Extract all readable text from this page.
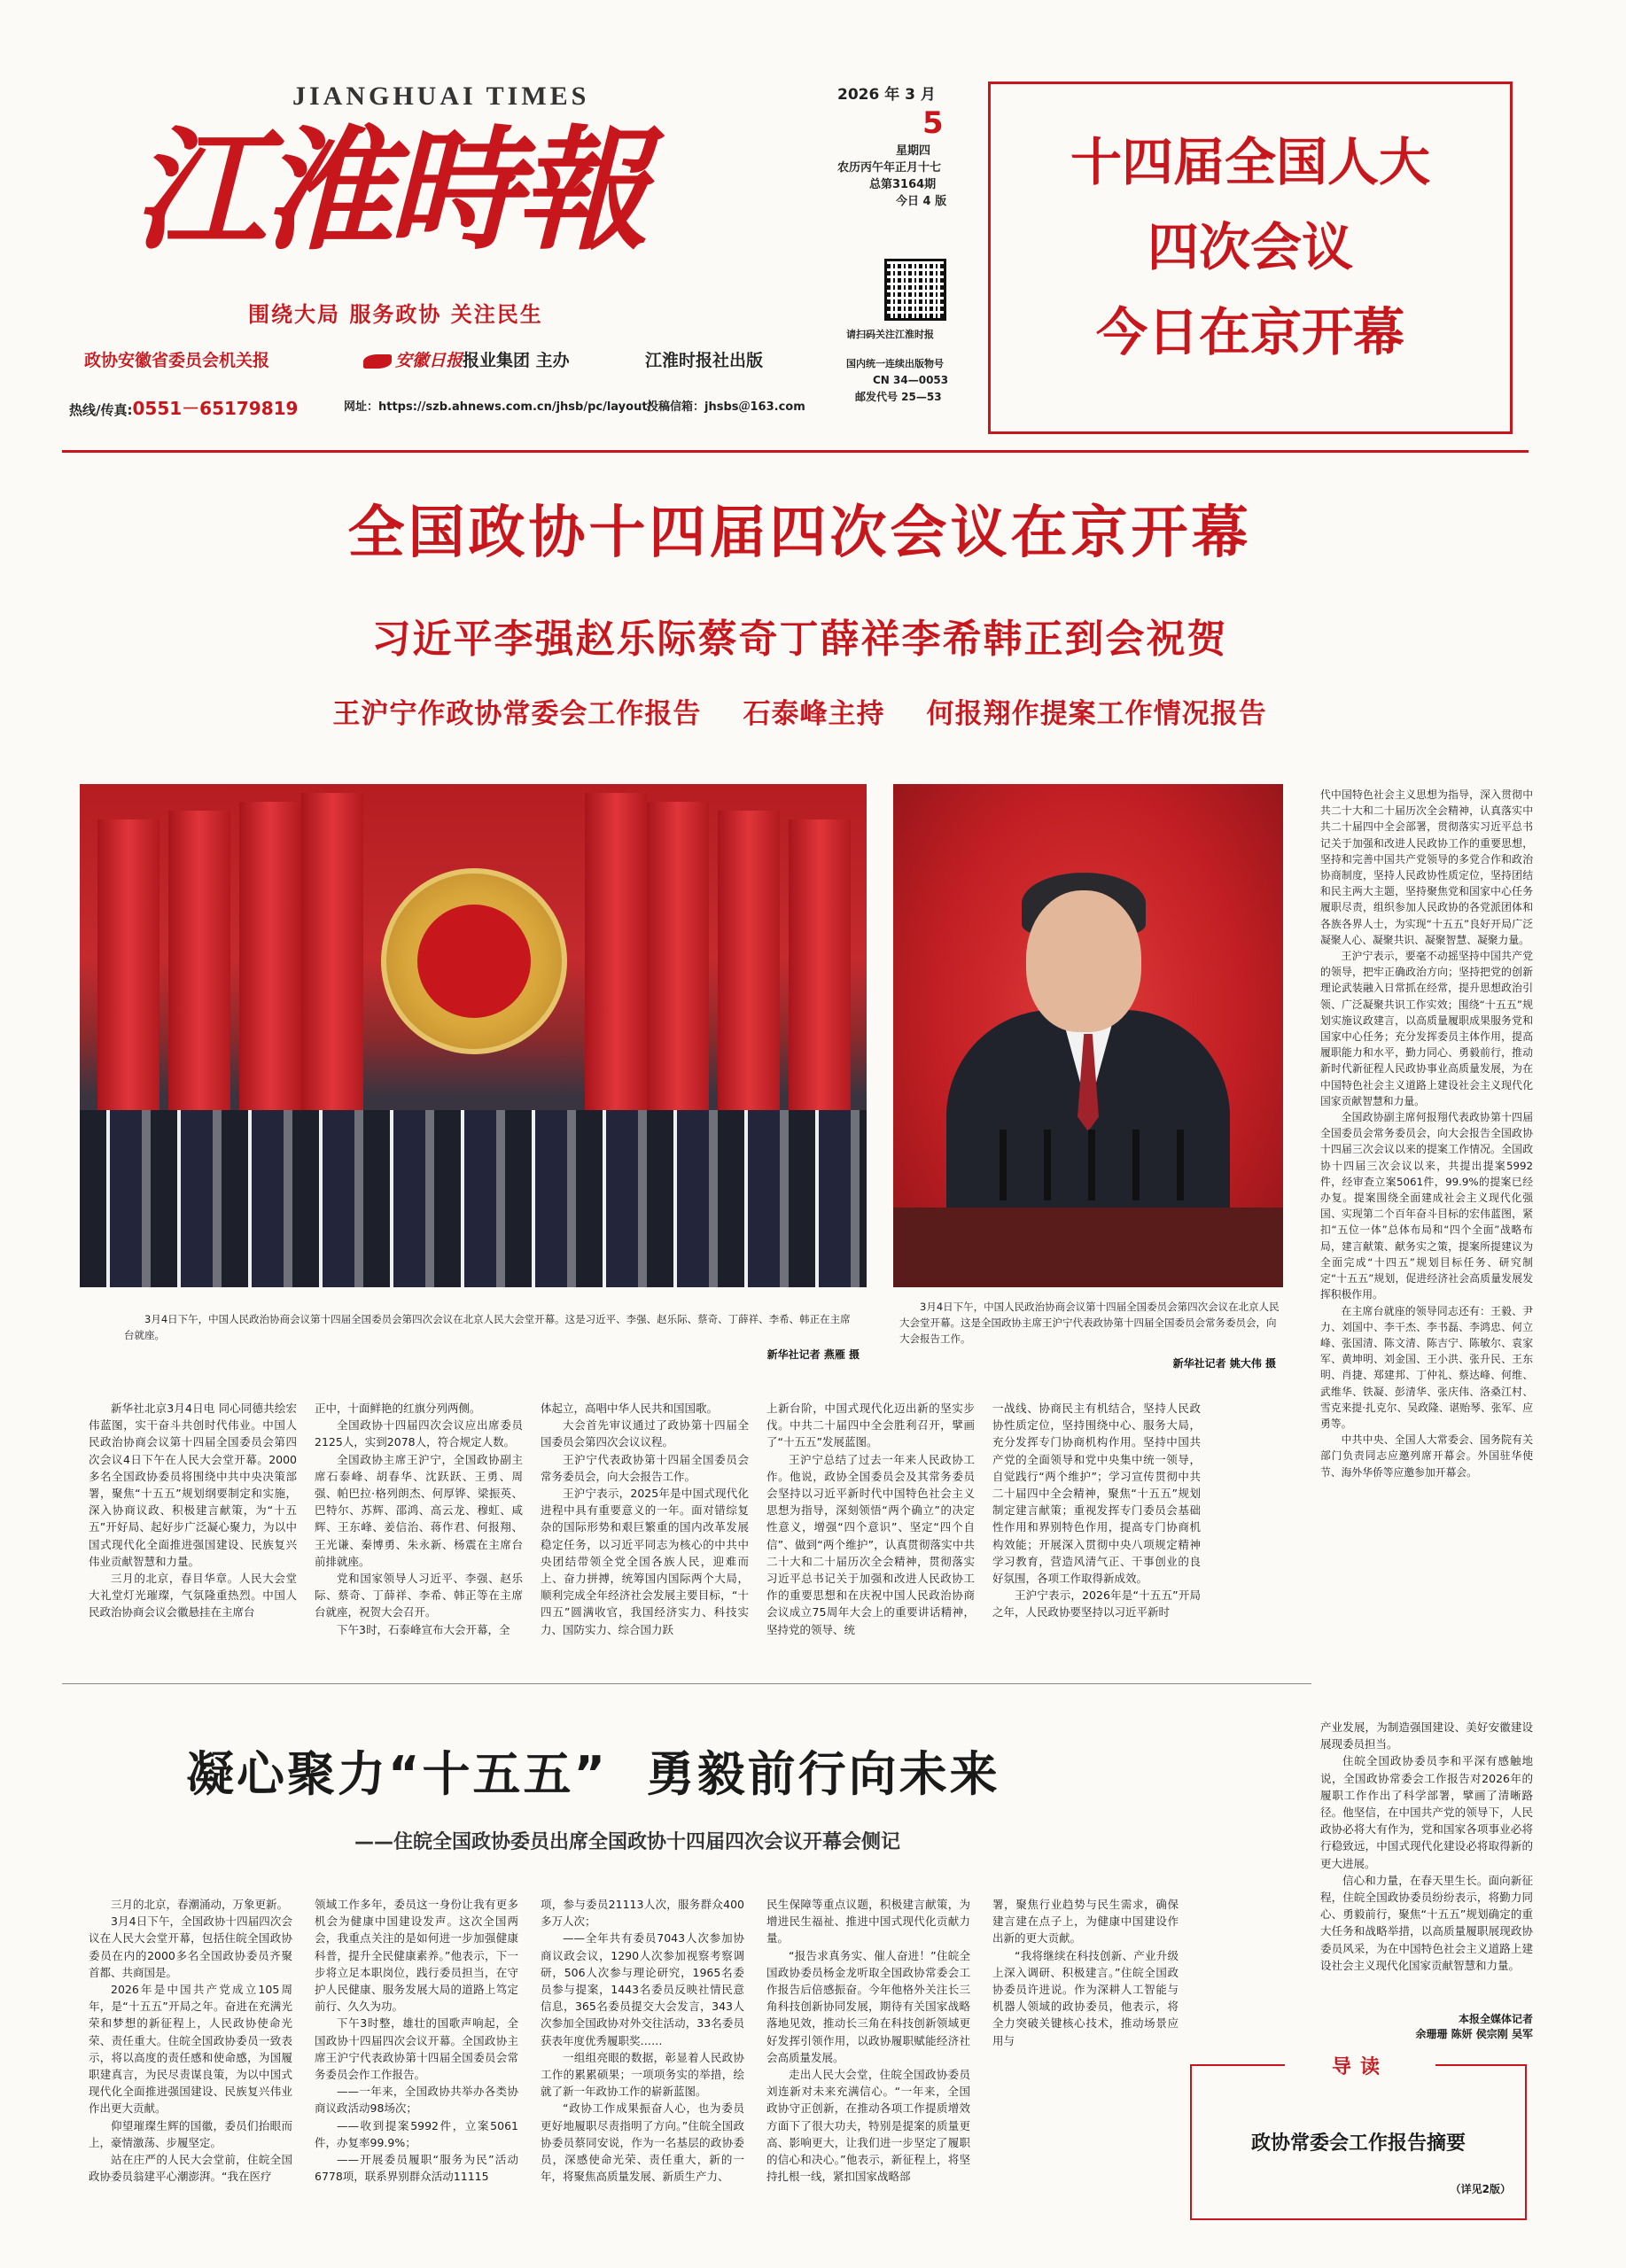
JIANGHUAI TIMES
江淮時報
围绕大局 服务政协 关注民生
政协安徽省委员会机关报	安徽日报报业集团 主办	江淮时报社出版
热线/传真:0551－65179819	网址：https://szb.ahnews.com.cn/jhsb/pc/layout/
投稿信箱：jhsbs＠163.com
2026 年 3 月
5
星期四
农历丙午年正月十七
总第3164期
今日 4 版
请扫码关注江淮时报
国内统一连续出版物号
CN 34—0053
邮发代号 25—53
十四届全国人大
四次会议
今日在京开幕
全国政协十四届四次会议在京开幕
习近平李强赵乐际蔡奇丁薛祥李希韩正到会祝贺
王沪宁作政协常委会工作报告    石泰峰主持    何报翔作提案工作情况报告
3月4日下午，中国人民政治协商会议第十四届全国委员会第四次会议在北京人民大会堂开幕。这是习近平、李强、赵乐际、蔡奇、丁薛祥、李希、韩正在主席台就座。
新华社记者 燕雁 摄
3月4日下午，中国人民政治协商会议第十四届全国委员会第四次会议在北京人民大会堂开幕。这是全国政协主席王沪宁代表政协第十四届全国委员会常务委员会，向大会报告工作。
新华社记者 姚大伟 摄

新华社北京3月4日电 同心同德共绘宏伟蓝图，实干奋斗共创时代伟业。中国人民政治协商会议第十四届全国委员会第四次会议4日下午在人民大会堂开幕。2000多名全国政协委员将围绕中共中央决策部署，聚焦“十五五”规划纲要制定和实施，深入协商议政、积极建言献策，为“十五五”开好局、起好步广泛凝心聚力，为以中国式现代化全面推进强国建设、民族复兴伟业贡献智慧和力量。

三月的北京，春目华章。人民大会堂大礼堂灯光璀璨，气氛隆重热烈。中国人民政治协商会议会徽悬挂在主席台

正中，十面鲜艳的红旗分列两侧。

全国政协十四届四次会议应出席委员2125人，实到2078人，符合规定人数。

全国政协主席王沪宁，全国政协副主席石泰峰、胡春华、沈跃跃、王勇、周强、帕巴拉·格列朗杰、何厚铧、梁振英、巴特尔、苏辉、邵鸿、高云龙、穆虹、咸辉、王东峰、姜信治、蒋作君、何报翔、王光谦、秦博勇、朱永新、杨震在主席台前排就座。

党和国家领导人习近平、李强、赵乐际、蔡奇、丁薛祥、李希、韩正等在主席台就座，祝贺大会召开。

下午3时，石泰峰宣布大会开幕，全

体起立，高唱中华人民共和国国歌。

大会首先审议通过了政协第十四届全国委员会第四次会议议程。

王沪宁代表政协第十四届全国委员会常务委员会，向大会报告工作。

王沪宁表示，2025年是中国式现代化进程中具有重要意义的一年。面对错综复杂的国际形势和艰巨繁重的国内改革发展稳定任务，以习近平同志为核心的中共中央团结带领全党全国各族人民，迎难而上、奋力拼搏，统筹国内国际两个大局，顺利完成全年经济社会发展主要目标，“十四五”圆满收官，我国经济实力、科技实力、国防实力、综合国力跃

上新台阶，中国式现代化迈出新的坚实步伐。中共二十届四中全会胜利召开，擘画了“十五五”发展蓝图。

王沪宁总结了过去一年来人民政协工作。他说，政协全国委员会及其常务委员会坚持以习近平新时代中国特色社会主义思想为指导，深刻领悟“两个确立”的决定性意义，增强“四个意识”、坚定“四个自信”、做到“两个维护”，认真贯彻落实中共二十大和二十届历次全会精神，贯彻落实习近平总书记关于加强和改进人民政协工作的重要思想和在庆祝中国人民政治协商会议成立75周年大会上的重要讲话精神，坚持党的领导、统

一战线、协商民主有机结合，坚持人民政协性质定位，坚持围绕中心、服务大局，充分发挥专门协商机构作用。坚持中国共产党的全面领导和党中央集中统一领导，自觉践行“两个维护”；学习宣传贯彻中共二十届四中全会精神，聚焦“十五五”规划制定建言献策；重视发挥专门委员会基础性作用和界别特色作用，提高专门协商机构效能；开展深入贯彻中央八项规定精神学习教育，营造风清气正、干事创业的良好氛围，各项工作取得新成效。

王沪宁表示，2026年是“十五五”开局之年，人民政协要坚持以习近平新时

代中国特色社会主义思想为指导，深入贯彻中共二十大和二十届历次全会精神，认真落实中共二十届四中全会部署，贯彻落实习近平总书记关于加强和改进人民政协工作的重要思想，坚持和完善中国共产党领导的多党合作和政治协商制度，坚持人民政协性质定位，坚持团结和民主两大主题，坚持聚焦党和国家中心任务履职尽责，组织参加人民政协的各党派团体和各族各界人士，为实现“十五五”良好开局广泛凝聚人心、凝聚共识、凝聚智慧、凝聚力量。

王沪宁表示，要毫不动摇坚持中国共产党的领导，把牢正确政治方向；坚持把党的创新理论武装融入日常抓在经常，提升思想政治引领、广泛凝聚共识工作实效；围绕“十五五”规划实施议政建言，以高质量履职成果服务党和国家中心任务；充分发挥委员主体作用，提高履职能力和水平，勤力同心、勇毅前行，推动新时代新征程人民政协事业高质量发展，为在中国特色社会主义道路上建设社会主义现代化国家贡献智慧和力量。

全国政协副主席何报翔代表政协第十四届全国委员会常务委员会，向大会报告全国政协十四届三次会议以来的提案工作情况。全国政协十四届三次会议以来，共提出提案5992件，经审查立案5061件，99.9%的提案已经办复。提案围绕全面建成社会主义现代化强国、实现第二个百年奋斗目标的宏伟蓝图，紧扣“五位一体”总体布局和“四个全面”战略布局，建言献策、献务实之策，提案所提建议为全面完成“十四五”规划目标任务、研究制定“十五五”规划，促进经济社会高质量发展发挥积极作用。

在主席台就座的领导同志还有：王毅、尹力、刘国中、李干杰、李书磊、李鸿忠、何立峰、张国清、陈文清、陈吉宁、陈敏尔、袁家军、黄坤明、刘金国、王小洪、张升民、王东明、肖捷、郑建邦、丁仲礼、蔡达峰、何维、武维华、铁凝、彭清华、张庆伟、洛桑江村、雪克来提·扎克尔、吴政隆、谌贻琴、张军、应勇等。

中共中央、全国人大常委会、国务院有关部门负责同志应邀列席开幕会。外国驻华使节、海外华侨等应邀参加开幕会。

凝心聚力“十五五”  勇毅前行向未来
——住皖全国政协委员出席全国政协十四届四次会议开幕会侧记

三月的北京，春潮涌动，万象更新。

3月4日下午，全国政协十四届四次会议在人民大会堂开幕，包括住皖全国政协委员在内的2000多名全国政协委员齐聚首都、共商国是。

2026年是中国共产党成立105周年，是“十五五”开局之年。奋进在充满光荣和梦想的新征程上，人民政协使命光荣、责任重大。住皖全国政协委员一致表示，将以高度的责任感和使命感，为国履职建真言，为民尽责谋良策，为以中国式现代化全面推进强国建设、民族复兴伟业作出更大贡献。

仰望璀璨生辉的国徽，委员们抬眼而上，豪情激荡、步履坚定。

站在庄严的人民大会堂前，住皖全国政协委员翁建平心潮澎湃。“我在医疗

领域工作多年，委员这一身份让我有更多机会为健康中国建设发声。这次全国两会，我重点关注的是如何进一步加强健康科普，提升全民健康素养。”他表示，下一步将立足本职岗位，践行委员担当，在守护人民健康、服务发展大局的道路上笃定前行、久久为功。

下午3时整，雄壮的国歌声响起，全国政协十四届四次会议开幕。全国政协主席王沪宁代表政协第十四届全国委员会常务委员会作工作报告。

——一年来，全国政协共举办各类协商议政活动98场次；

——收到提案5992件，立案5061件，办复率99.9%；

——开展委员履职“服务为民”活动6778项，联系界别群众活动11115

项，参与委员21113人次，服务群众400多万人次；

——全年共有委员7043人次参加协商议政会议，1290人次参加视察考察调研，506人次参与理论研究，1965名委员参与提案，1443名委员反映社情民意信息，365名委员提交大会发言，343人次参加全国政协对外交往活动，33名委员获表年度优秀履职奖……

一组组亮眼的数据，彰显着人民政协工作的累累硕果；一项项务实的举措，绘就了新一年政协工作的崭新蓝图。

“政协工作成果振奋人心，也为委员更好地履职尽责指明了方向。”住皖全国政协委员蔡同安说，作为一名基层的政协委员，深感使命光荣、责任重大，新的一年，将聚焦高质量发展、新质生产力、

民生保障等重点议题，积极建言献策，为增进民生福祉、推进中国式现代化贡献力量。

“报告求真务实、催人奋进！”住皖全国政协委员杨金龙听取全国政协常委会工作报告后倍感振奋。今年他格外关注长三角科技创新协同发展，期待有关国家战略落地见效，推动长三角在科技创新领域更好发挥引领作用，以政协履职赋能经济社会高质量发展。

走出人民大会堂，住皖全国政协委员刘连新对未来充满信心。“一年来，全国政协守正创新，在推动各项工作提质增效方面下了很大功夫，特别是提案的质量更高、影响更大，让我们进一步坚定了履职的信心和决心。”他表示，新征程上，将坚持扎根一线，紧扣国家战略部

署，聚焦行业趋势与民生需求，确保建言建在点子上，为健康中国建设作出新的更大贡献。

“我将继续在科技创新、产业升级上深入调研、积极建言。”住皖全国政协委员许进说。作为深耕人工智能与机器人领域的政协委员，他表示，将全力突破关键核心技术，推动场景应用与

产业发展，为制造强国建设、美好安徽建设展现委员担当。

住皖全国政协委员李和平深有感触地说，全国政协常委会工作报告对2026年的履职工作作出了科学部署，擘画了清晰路径。他坚信，在中国共产党的领导下，人民政协必将大有作为，党和国家各项事业必将行稳致远，中国式现代化建设必将取得新的更大进展。

信心和力量，在春天里生长。面向新征程，住皖全国政协委员纷纷表示，将勤力同心、勇毅前行，聚焦“十五五”规划确定的重大任务和战略举措，以高质量履职展现政协委员风采，为在中国特色社会主义道路上建设社会主义现代化国家贡献智慧和力量。

本报全媒体记者
余珊珊 陈妍 侯宗刚 吴军
导读
政协常委会工作报告摘要
（详见2版）
